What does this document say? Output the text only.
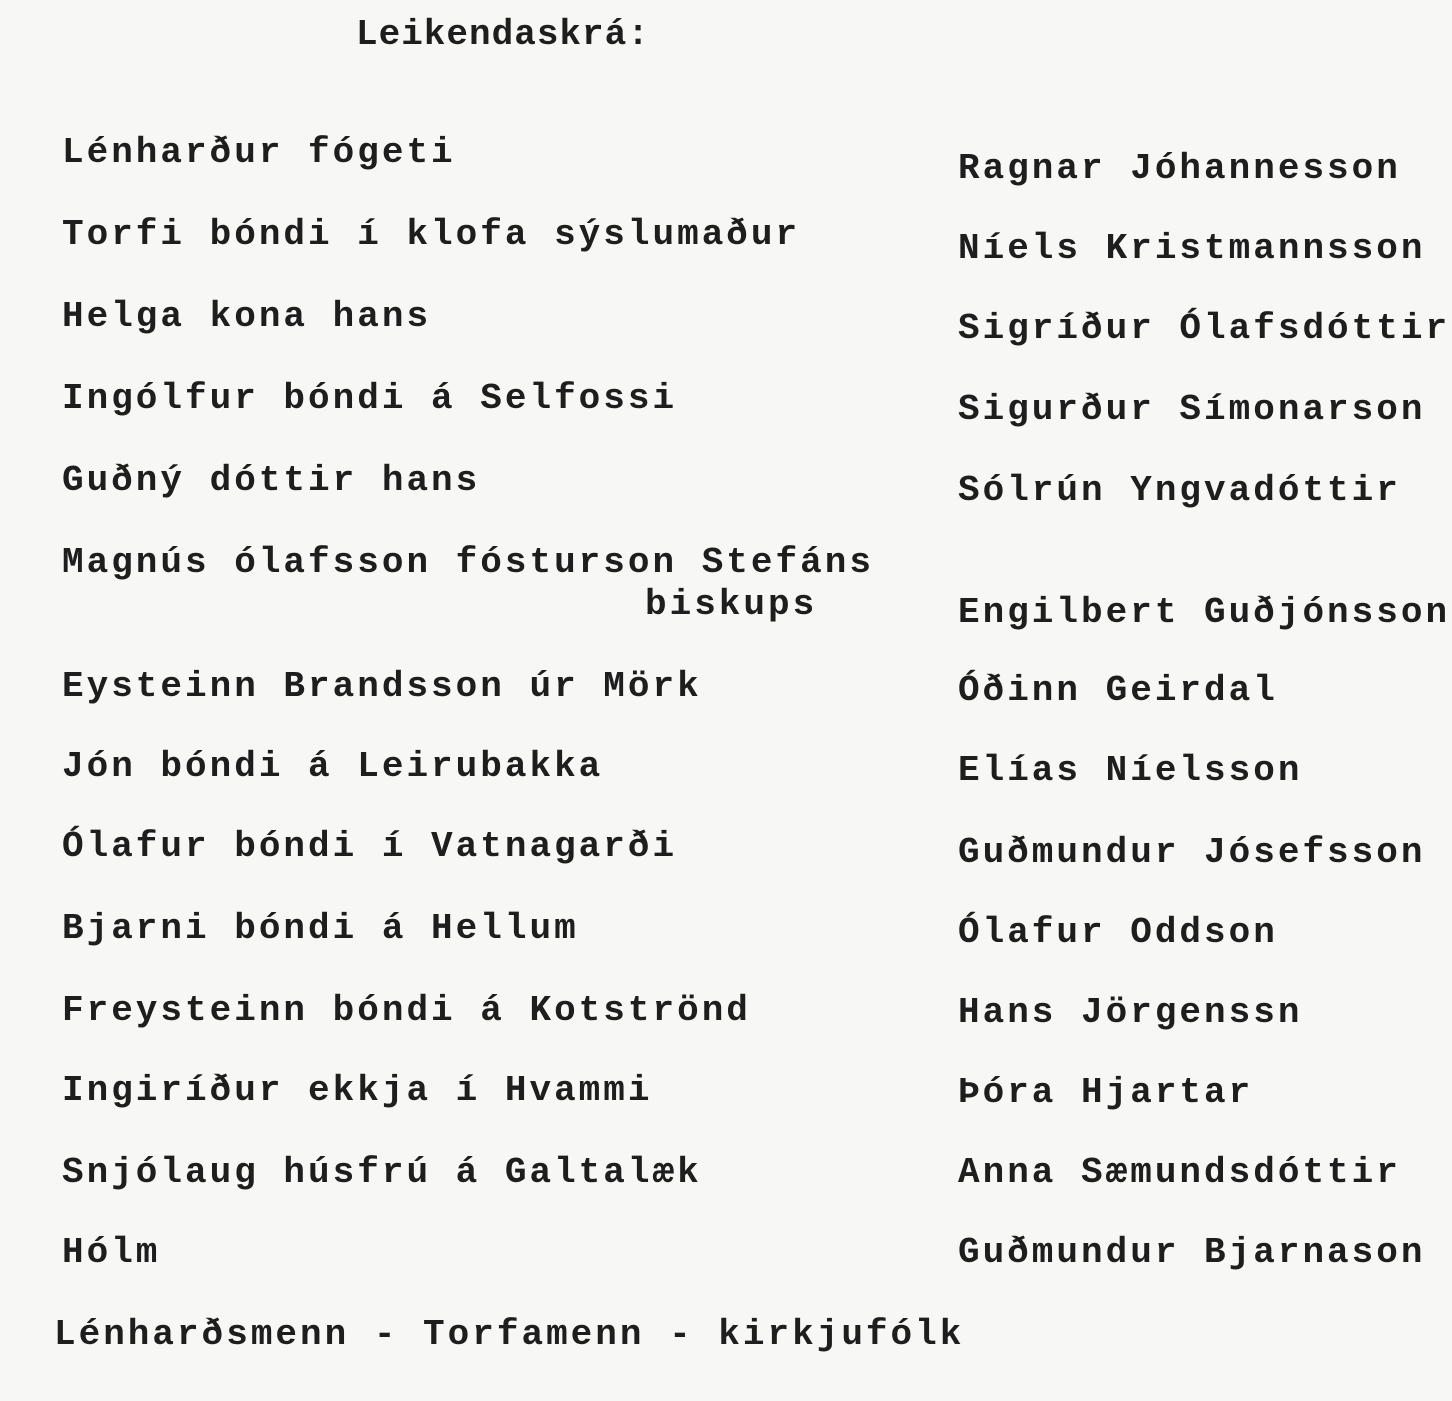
Leikendaskrá:
Lénharður fógeti	Ragnar Jóhannesson
Torfi bóndi í klofa sýslumaður	Níels Kristmannsson
Helga kona hans	Sigríður Ólafsdóttir
Ingólfur bóndi á Selfossi	Sigurður Símonarson
Guðný dóttir hans	Sólrún Yngvadóttir
Magnús ólafsson fósturson Stefáns
biskups	Engilbert Guðjónsson
Eysteinn Brandsson úr Mörk	Óðinn Geirdal
Jón bóndi á Leirubakka	Elías Níelsson
Ólafur bóndi í Vatnagarði	Guðmundur Jósefsson
Bjarni bóndi á Hellum	Ólafur Oddson
Freysteinn bóndi á Kotströnd	Hans Jörgenssn
Ingiríður ekkja í Hvammi	Þóra Hjartar
Snjólaug húsfrú á Galtalæk	Anna Sæmundsdóttir
Hólm	Guðmundur Bjarnason
Lénharðsmenn - Torfamenn - kirkjufólk
